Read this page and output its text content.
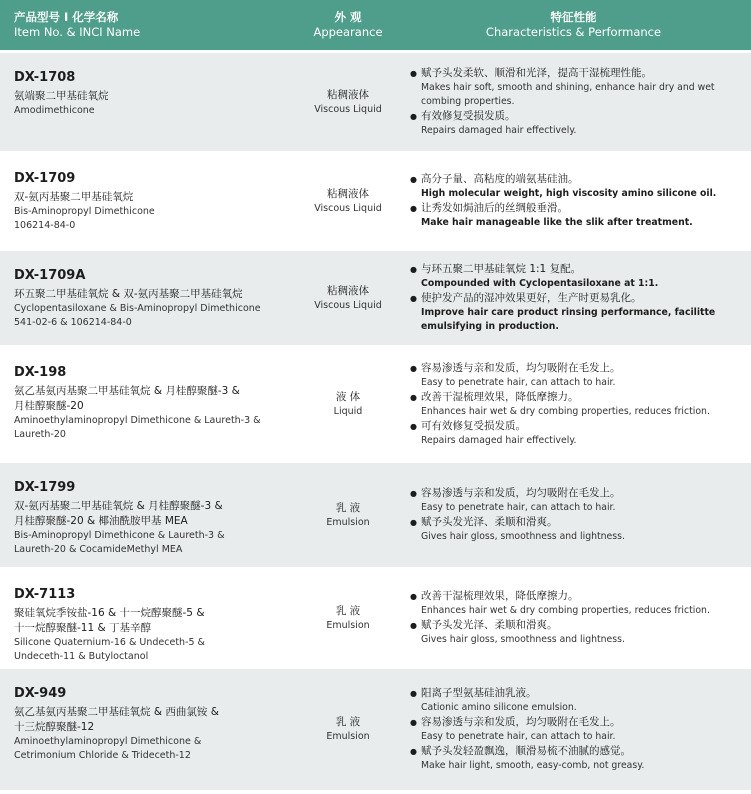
产品型号 I 化学名称
Item No. & INCI Name
外 观
Appearance
特征性能
Characteristics & Performance
DX-1708
氨端聚二甲基硅氧烷
Amodimethicone
粘稠液体
Viscous Liquid
● 赋予头发柔软、顺滑和光泽，提高干湿梳理性能。
Makes hair soft, smooth and shining, enhance hair dry and wet
combing properties.
● 有效修复受损发质。
Repairs damaged hair effectively.
DX-1709
双-氨丙基聚二甲基硅氧烷
Bis-Aminopropyl Dimethicone
106214-84-0
粘稠液体
Viscous Liquid
● 高分子量、高粘度的端氨基硅油。
High molecular weight, high viscosity amino silicone oil.
● 让秀发如焗油后的丝绸般垂滑。
Make hair manageable like the slik after treatment.
DX-1709A
环五聚二甲基硅氧烷 & 双-氨丙基聚二甲基硅氧烷
Cyclopentasiloxane & Bis-Aminopropyl Dimethicone
541-02-6 & 106214-84-0
粘稠液体
Viscous Liquid
● 与环五聚二甲基硅氧烷 1:1 复配。
Compounded with Cyclopentasiloxane at 1:1.
● 使护发产品的湿冲效果更好，生产时更易乳化。
Improve hair care product rinsing performance, facilitte
emulsifying in production.
DX-198
氨乙基氨丙基聚二甲基硅氧烷 & 月桂醇聚醚-3 &
月桂醇聚醚-20
Aminoethylaminopropyl Dimethicone & Laureth-3 &
Laureth-20
液 体
Liquid
● 容易渗透与亲和发质，均匀吸附在毛发上。
Easy to penetrate hair, can attach to hair.
● 改善干湿梳理效果，降低摩擦力。
Enhances hair wet & dry combing properties, reduces friction.
● 可有效修复受损发质。
Repairs damaged hair effectively.
DX-1799
双-氨丙基聚二甲基硅氧烷 & 月桂醇聚醚-3 &
月桂醇聚醚-20 & 椰油酰胺甲基 MEA
Bis-Aminopropyl Dimethicone & Laureth-3 &
Laureth-20 & CocamideMethyl MEA
乳 液
Emulsion
● 容易渗透与亲和发质，均匀吸附在毛发上。
Easy to penetrate hair, can attach to hair.
● 赋予头发光泽、柔顺和滑爽。
Gives hair gloss, smoothness and lightness.
DX-7113
聚硅氧烷季铵盐-16 & 十一烷醇聚醚-5 &
十一烷醇聚醚-11 & 丁基辛醇
Silicone Quaternium-16 & Undeceth-5 &
Undeceth-11 & Butyloctanol
乳 液
Emulsion
● 改善干湿梳理效果，降低摩擦力。
Enhances hair wet & dry combing properties, reduces friction.
● 赋予头发光泽、柔顺和滑爽。
Gives hair gloss, smoothness and lightness.
DX-949
氨乙基氨丙基聚二甲基硅氧烷 & 西曲氯铵 &
十三烷醇聚醚-12
Aminoethylaminopropyl Dimethicone &
Cetrimonium Chloride & Trideceth-12
乳 液
Emulsion
● 阳离子型氨基硅油乳液。
Cationic amino silicone emulsion.
● 容易渗透与亲和发质，均匀吸附在毛发上。
Easy to penetrate hair, can attach to hair.
● 赋予头发轻盈飘逸，顺滑易梳不油腻的感觉。
Make hair light, smooth, easy-comb, not greasy.
